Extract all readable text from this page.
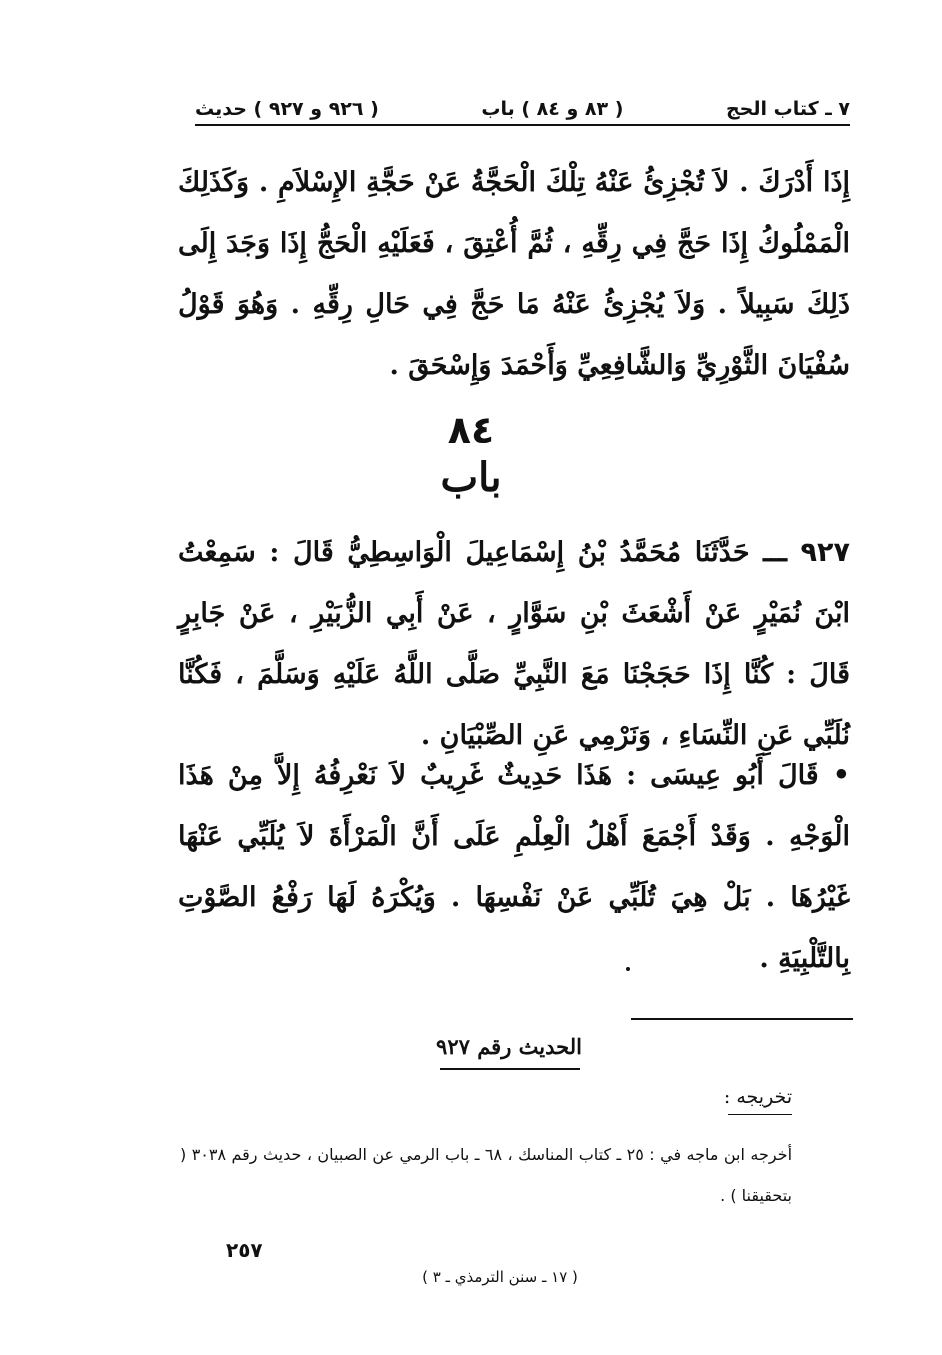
٧ ـ كتاب الحج
( ٨٣ و ٨٤ ) باب
( ٩٢٦ و ٩٢٧ ) حديث
إِذَا أَدْرَكَ . لاَ تُجْزِئُ عَنْهُ تِلْكَ الْحَجَّةُ عَنْ حَجَّةِ الإِسْلاَمِ . وَكَذَلِكَ الْمَمْلُوكُ إِذَا حَجَّ فِي رِقِّهِ ، ثُمَّ أُعْتِقَ ، فَعَلَيْهِ الْحَجُّ إِذَا وَجَدَ إِلَى ذَلِكَ سَبِيلاً . وَلاَ يُجْزِئُ عَنْهُ مَا حَجَّ فِي حَالِ رِقِّهِ . وَهُوَ قَوْلُ سُفْيَانَ الثَّوْرِيِّ وَالشَّافِعِيِّ وَأَحْمَدَ وَإِسْحَقَ .
٨٤
باب
٩٢٧ ـــ حَدَّثَنَا مُحَمَّدُ بْنُ إِسْمَاعِيلَ الْوَاسِطِيُّ قَالَ : سَمِعْتُ ابْنَ نُمَيْرٍ عَنْ أَشْعَثَ بْنِ سَوَّارٍ ، عَنْ أَبِي الزُّبَيْرِ ، عَنْ جَابِرٍ قَالَ : كُنَّا إِذَا حَجَجْنَا مَعَ النَّبِيِّ صَلَّى اللَّهُ عَلَيْهِ وَسَلَّمَ ، فَكُنَّا نُلَبِّي عَنِ النِّسَاءِ ، وَنَرْمِي عَنِ الصِّبْيَانِ .
• قَالَ أَبُو عِيسَى : هَذَا حَدِيثٌ غَرِيبٌ لاَ نَعْرِفُهُ إِلاَّ مِنْ هَذَا الْوَجْهِ . وَقَدْ أَجْمَعَ أَهْلُ الْعِلْمِ عَلَى أَنَّ الْمَرْأَةَ لاَ يُلَبِّي عَنْهَا غَيْرُهَا . بَلْ هِيَ تُلَبِّي عَنْ نَفْسِهَا . وَيُكْرَهُ لَهَا رَفْعُ الصَّوْتِ بِالتَّلْبِيَةِ .
الحديث رقم ٩٢٧
تخريجه :
أخرجه ابن ماجه في : ٢٥ ـ كتاب المناسك ، ٦٨ ـ باب الرمي عن الصبيان ، حديث رقم ٣٠٣٨ ( بتحقيقنا ) .
٢٥٧
( ١٧ ـ سنن الترمذي ـ ٣ )
